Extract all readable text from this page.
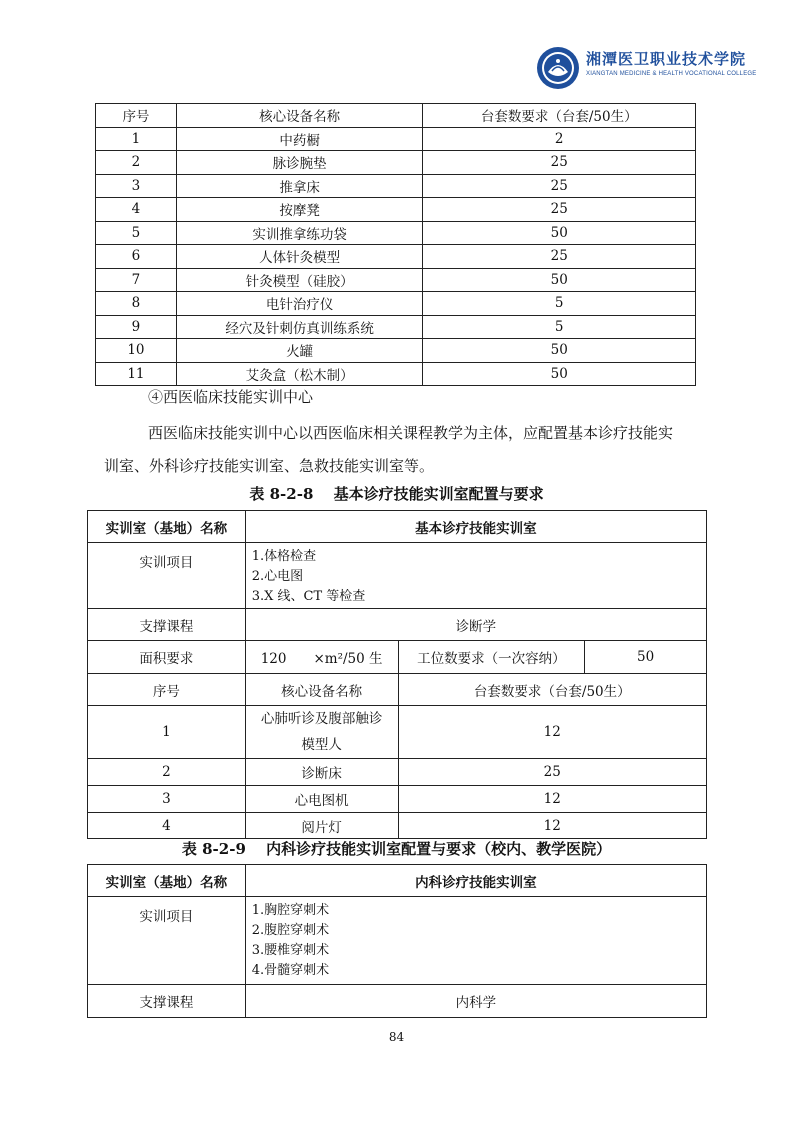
湘潭医卫职业技术学院
XIANGTAN MEDICINE & HEALTH VOCATIONAL COLLEGE
序号	核心设备名称	台套数要求（台套/50生）
1	中药橱	2
2	脉诊腕垫	25
3	推拿床	25
4	按摩凳	25
5	实训推拿练功袋	50
6	人体针灸模型	25
7	针灸模型（硅胶）	50
8	电针治疗仪	5
9	经穴及针刺仿真训练系统	5
10	火罐	50
11	艾灸盒（松木制）	50
④西医临床技能实训中心
西医临床技能实训中心以西医临床相关课程教学为主体，应配置基本诊疗技能实
训室、外科诊疗技能实训室、急救技能实训室等。
表 8-2-8　 基本诊疗技能实训室配置与要求
实训室（基地）名称	基本诊疗技能实训室		
实训项目	1.体格检查
2.心电图
3.X 线、CT 等检查		

支撑课程	诊断学		
面积要求	120　　×m²/50 生	工位数要求（一次容纳）	50
序号	核心设备名称	台套数要求（台套/50生）	
1	心肺听诊及腹部触诊
模型人	12	
2	诊断床	25	
3	心电图机	12	
4	阅片灯	12	
表 8-2-9　 内科诊疗技能实训室配置与要求（校内、教学医院）
实训室（基地）名称	内科诊疗技能实训室
实训项目	1.胸腔穿刺术
2.腹腔穿刺术
3.腰椎穿刺术
4.骨髓穿刺术

支撑课程	内科学
84
